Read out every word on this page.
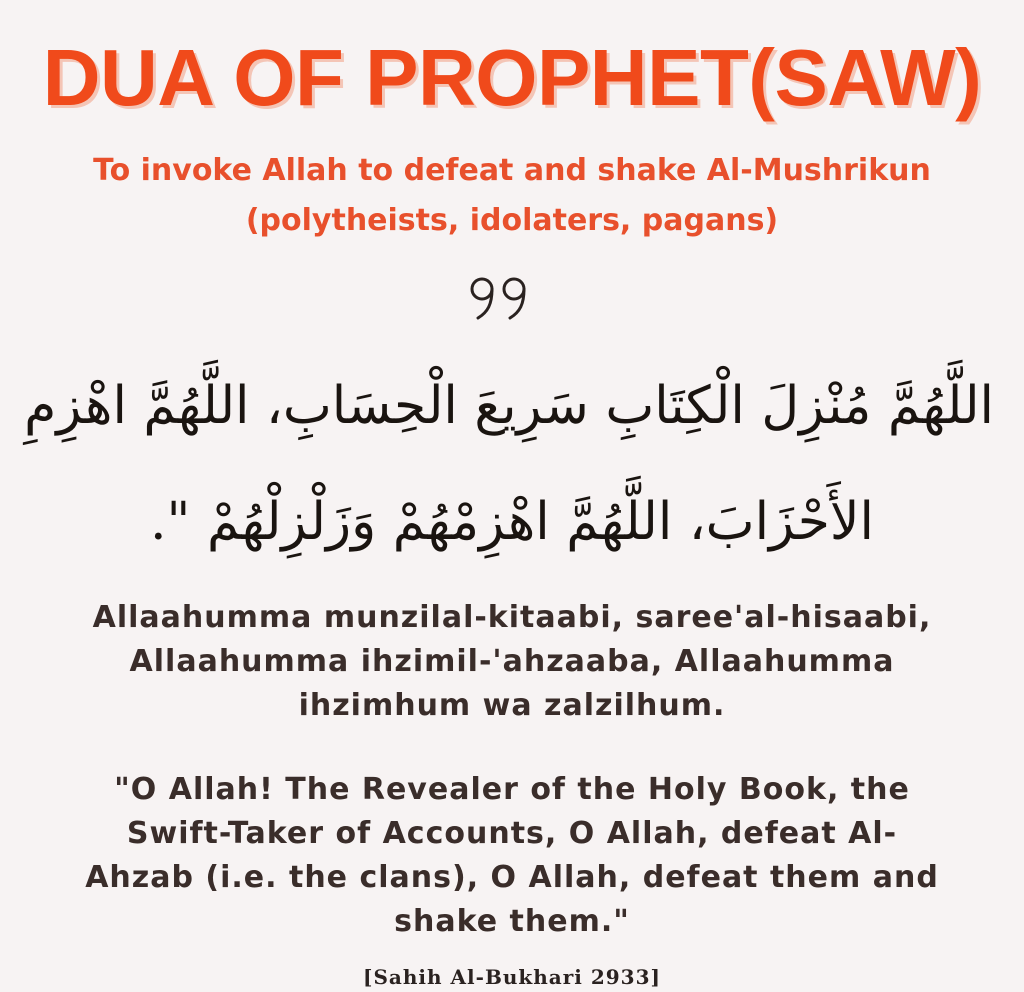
DUA OF PROPHET(SAW)
To invoke Allah to defeat and shake Al-Mushrikun
(polytheists, idolaters, pagans)
اللَّهُمَّ مُنْزِلَ الْكِتَابِ سَرِيعَ الْحِسَابِ، اللَّهُمَّ اهْزِمِ
الأَحْزَابَ، اللَّهُمَّ اهْزِمْهُمْ وَزَلْزِلْهُمْ ".
Allaahumma munzilal-kitaabi, saree'al-hisaabi,
Allaahumma ihzimil-'ahzaaba, Allaahumma
ihzimhum wa zalzilhum.
"O Allah! The Revealer of the Holy Book, the
Swift-Taker of Accounts, O Allah, defeat Al-
Ahzab (i.e. the clans), O Allah, defeat them and
shake them."
[Sahih Al-Bukhari 2933]
